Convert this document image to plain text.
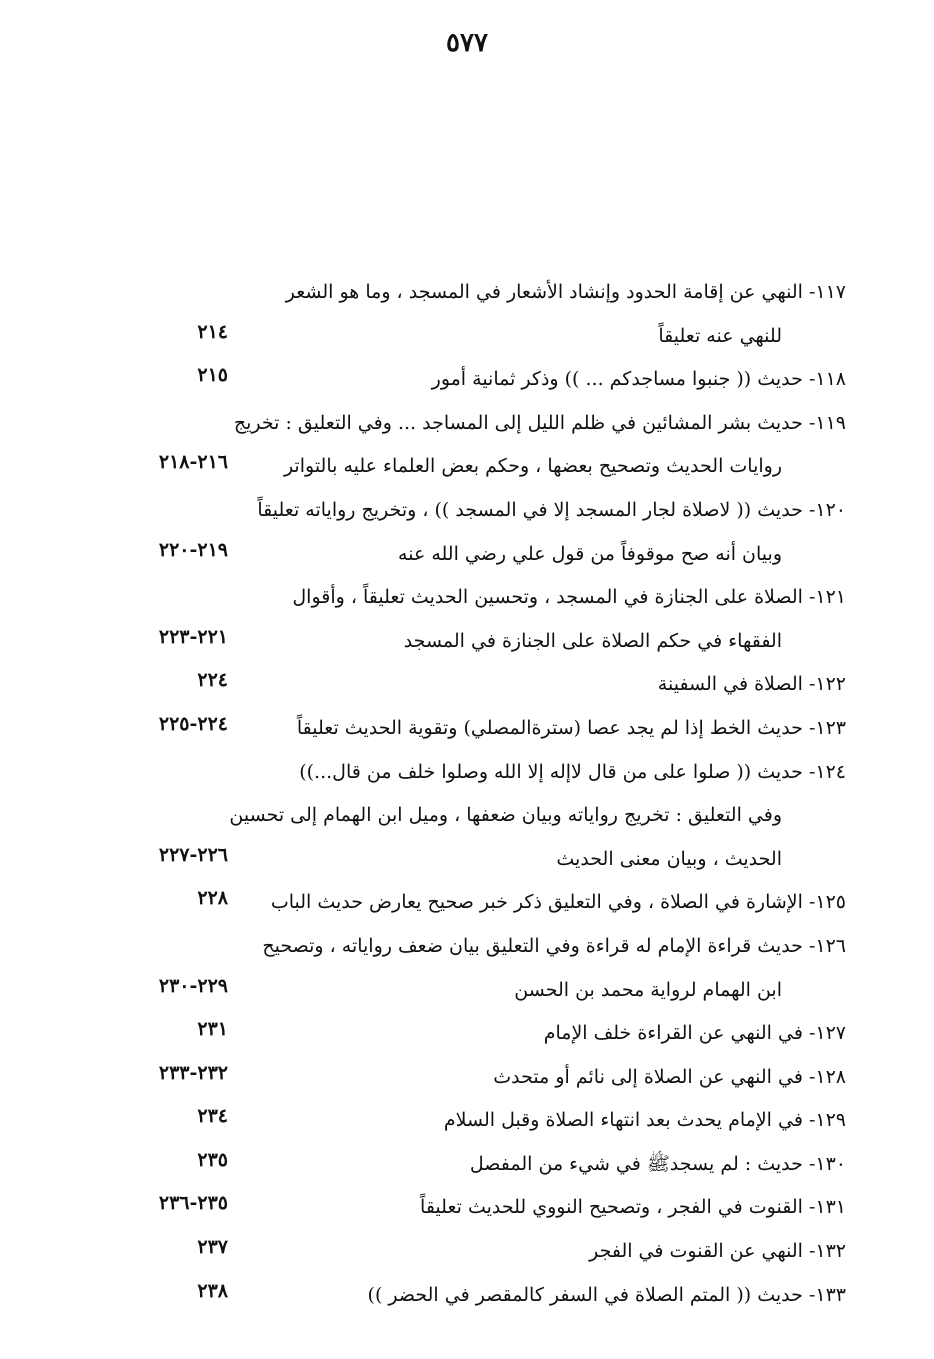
٥٧٧
١١٧- النهي عن إقامة الحدود وإنشاد الأشعار في المسجد ، وما هو الشعر
للنهي عنه تعليقاً
٢١٤
١١٨- حديث (( جنبوا مساجدكم ... )) وذكر ثمانية أمور
٢١٥
١١٩- حديث بشر المشائين في ظلم الليل إلى المساجد ... وفي التعليق : تخريج
روايات الحديث وتصحيح بعضها ، وحكم بعض العلماء عليه بالتواتر
٢١٦-٢١٨
١٢٠- حديث (( لاصلاة لجار المسجد إلا في المسجد )) ، وتخريج رواياته تعليقاً
وبيان أنه صح موقوفاً من قول علي رضي الله عنه
٢١٩-٢٢٠
١٢١- الصلاة على الجنازة في المسجد ، وتحسين الحديث تعليقاً ، وأقوال
الفقهاء في حكم الصلاة على الجنازة في المسجد
٢٢١-٢٢٣
١٢٢- الصلاة في السفينة
٢٢٤
١٢٣- حديث الخط إذا لم يجد عصا (سترةالمصلي) وتقوية الحديث تعليقاً
٢٢٤-٢٢٥
١٢٤- حديث (( صلوا على من قال لاإله إلا الله وصلوا خلف من قال...))
وفي التعليق : تخريج رواياته وبيان ضعفها ، وميل ابن الهمام إلى تحسين
الحديث ، وبيان معنى الحديث
٢٢٦-٢٢٧
١٢٥- الإشارة في الصلاة ، وفي التعليق ذكر خبر صحيح يعارض حديث الباب
٢٢٨
١٢٦- حديث قراءة الإمام له قراءة وفي التعليق بيان ضعف رواياته ، وتصحيح
ابن الهمام لرواية محمد بن الحسن
٢٢٩-٢٣٠
١٢٧- في النهي عن القراءة خلف الإمام
٢٣١
١٢٨- في النهي عن الصلاة إلى نائم أو متحدث
٢٣٢-٢٣٣
١٢٩- في الإمام يحدث بعد انتهاء الصلاة وقبل السلام
٢٣٤
١٣٠- حديث : لم يسجدﷺ في شيء من المفصل
٢٣٥
١٣١- القنوت في الفجر ، وتصحيح النووي للحديث تعليقاً
٢٣٥-٢٣٦
١٣٢- النهي عن القنوت في الفجر
٢٣٧
١٣٣- حديث (( المتم الصلاة في السفر كالمقصر في الحضر ))
٢٣٨
